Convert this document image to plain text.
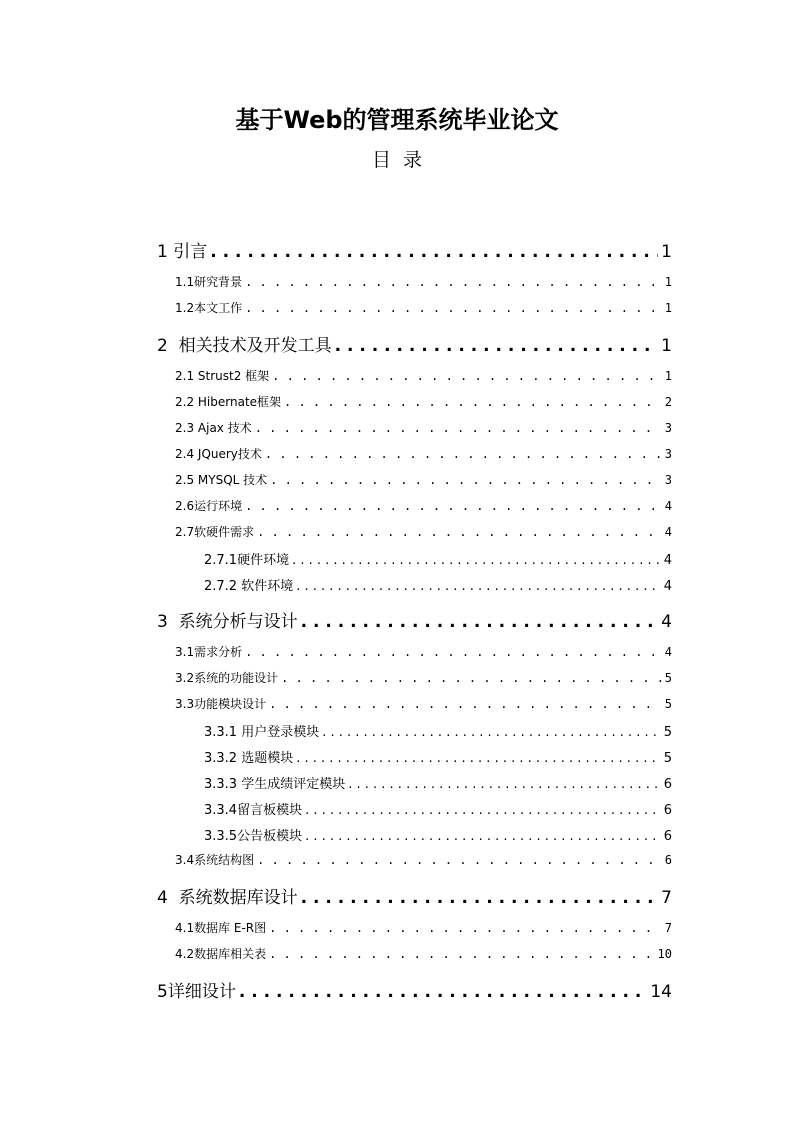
基于Web的管理系统毕业论文
目  录
1 引言 . . .	1
1.1研究背景 . . .	1
1.2本文工作 . . .	1
2  相关技术及开发工具 . . .	1
2.1 Strust2 框架 . . .	1
2.2 Hibernate框架 . . .	2
2.3 Ajax 技术 . . .	3
2.4 JQuery技术 . . .	3
2.5 MYSQL 技术 . . .	3
2.6运行环境 . . .	4
2.7软硬件需求 . . .	4
2.7.1硬件环境 . . .	4
2.7.2 软件环境 . . .	4
3  系统分析与设计 . . .	4
3.1需求分析 . . .	4
3.2系统的功能设计 . . .	5
3.3功能模块设计 . . .	5
3.3.1 用户登录模块 . . .	5
3.3.2 选题模块 . . .	5
3.3.3 学生成绩评定模块 . . .	6
3.3.4留言板模块 . . .	6
3.3.5公告板模块 . . .	6
3.4系统结构图 . . .	6
4  系统数据库设计 . . .	7
4.1数据库 E-R图 . . .	7
4.2数据库相关表 . . .	10
5详细设计 . . .	14
